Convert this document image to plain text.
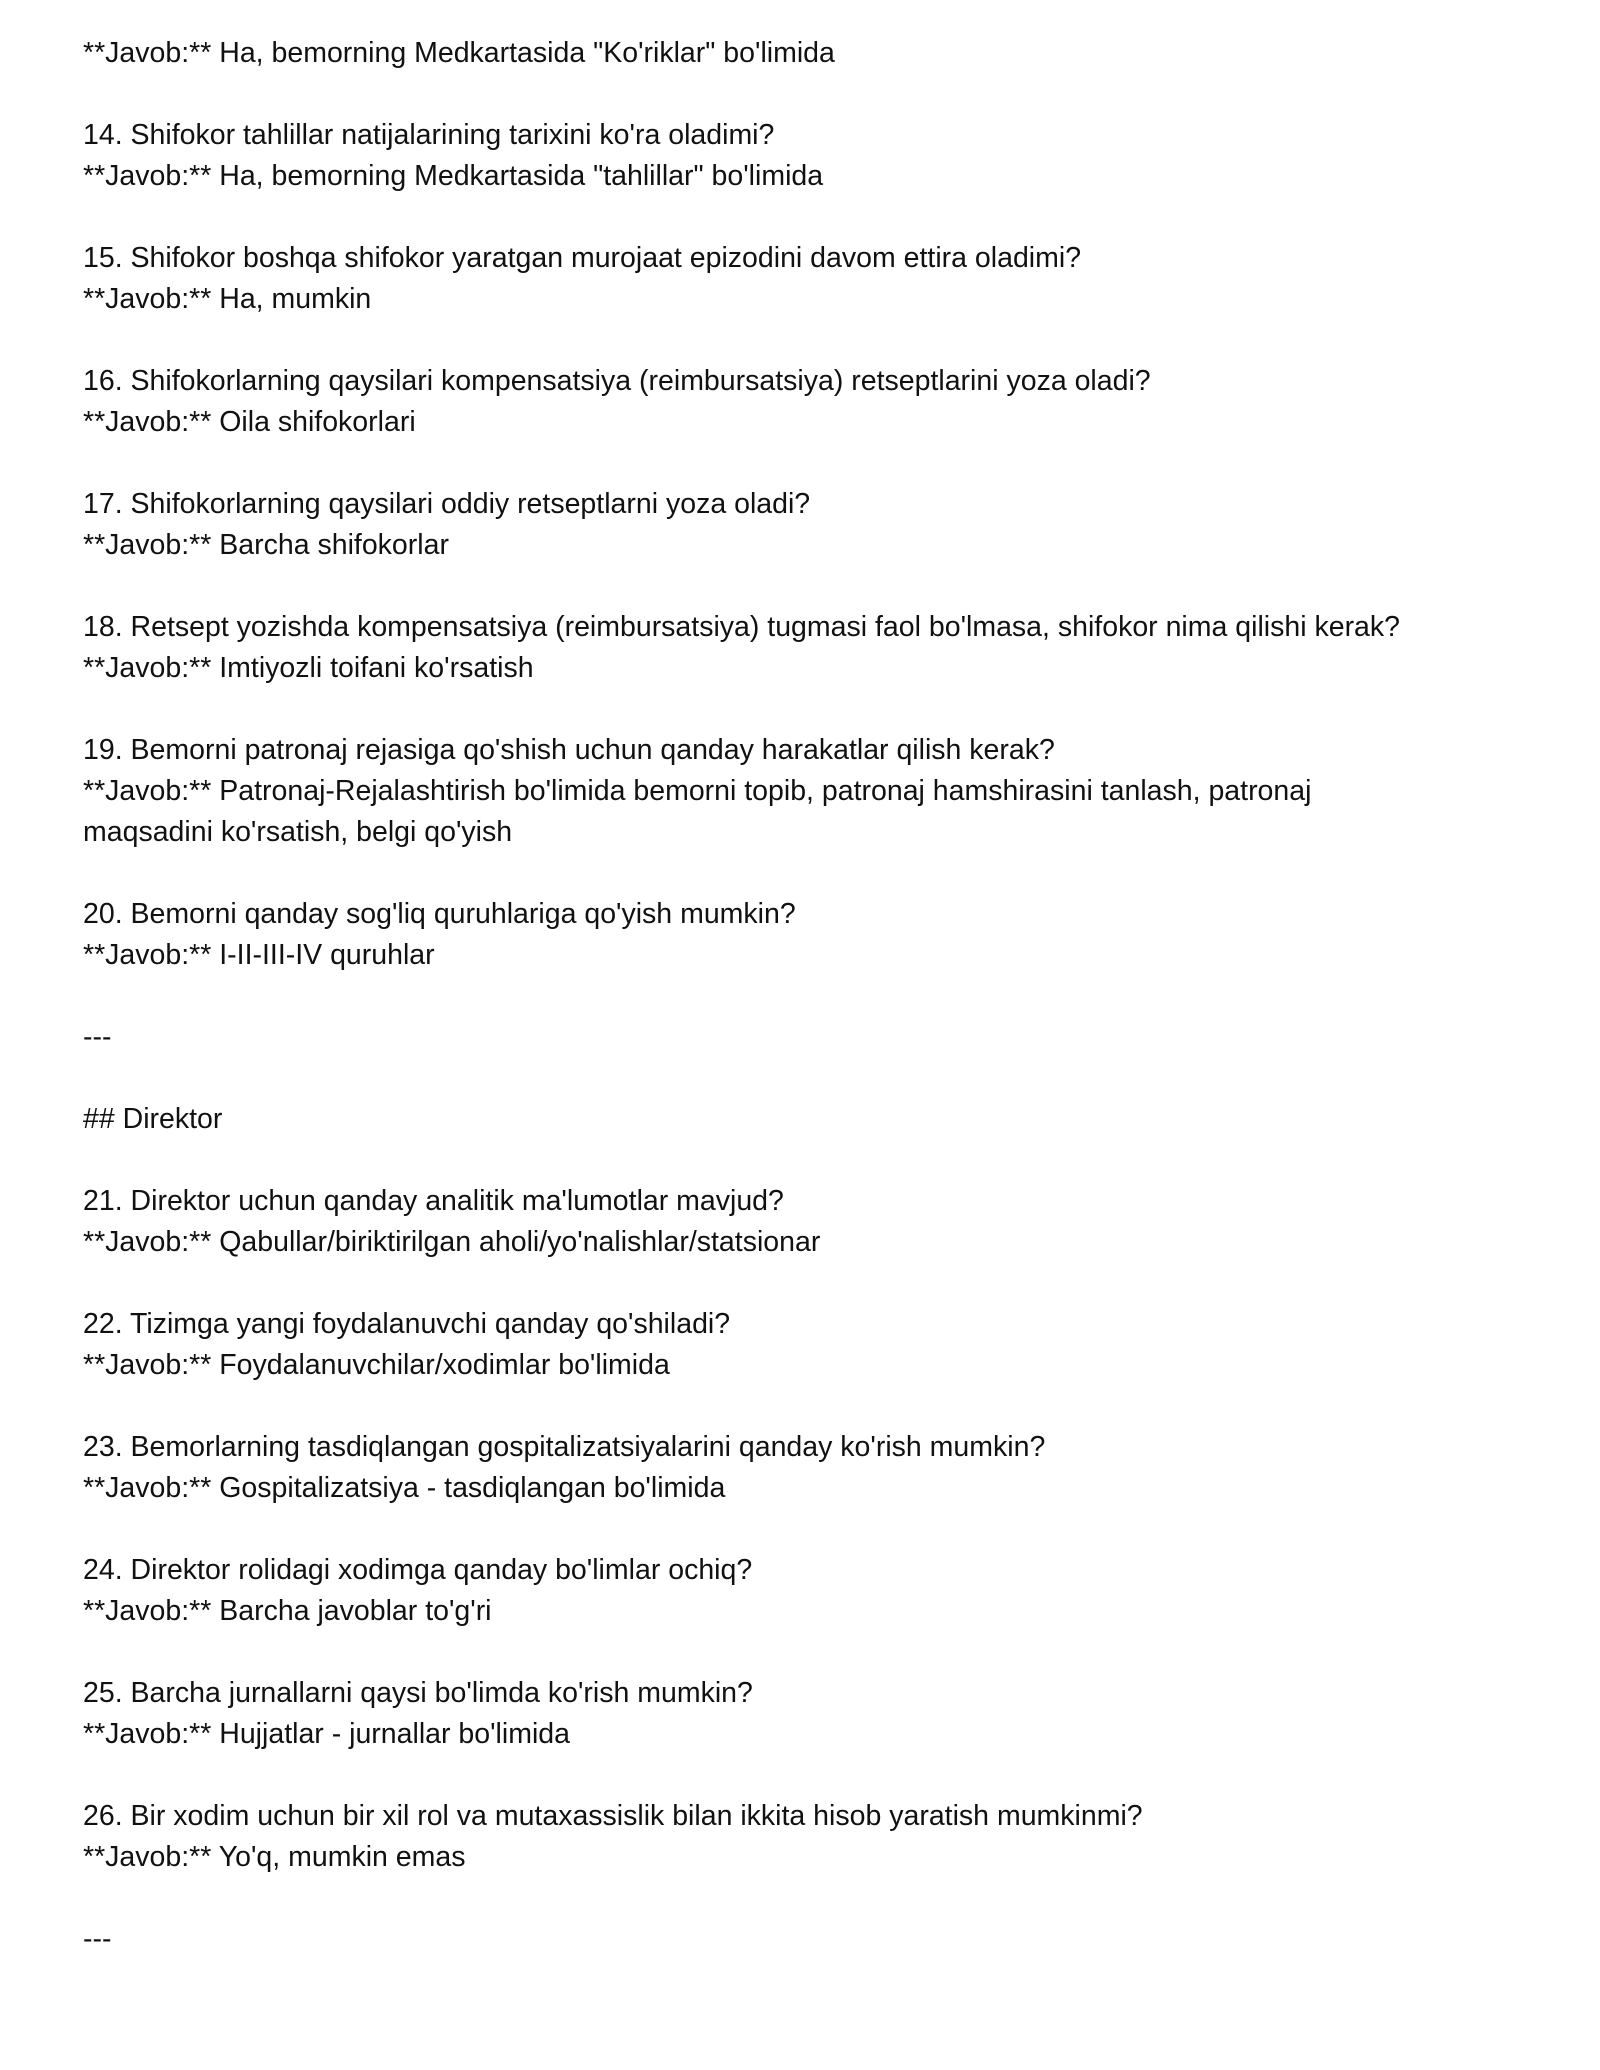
**Javob:** Ha, bemorning Medkartasida "Ko'riklar" bo'limida
14. Shifokor tahlillar natijalarining tarixini ko'ra oladimi?
**Javob:** Ha, bemorning Medkartasida "tahlillar" bo'limida
15. Shifokor boshqa shifokor yaratgan murojaat epizodini davom ettira oladimi?
**Javob:** Ha, mumkin
16. Shifokorlarning qaysilari kompensatsiya (reimbursatsiya) retseptlarini yoza oladi?
**Javob:** Oila shifokorlari
17. Shifokorlarning qaysilari oddiy retseptlarni yoza oladi?
**Javob:** Barcha shifokorlar
18. Retsept yozishda kompensatsiya (reimbursatsiya) tugmasi faol bo'lmasa, shifokor nima qilishi kerak?
**Javob:** Imtiyozli toifani ko'rsatish
19. Bemorni patronaj rejasiga qo'shish uchun qanday harakatlar qilish kerak?
**Javob:** Patronaj-Rejalashtirish bo'limida bemorni topib, patronaj hamshirasini tanlash, patronaj
maqsadini ko'rsatish, belgi qo'yish
20. Bemorni qanday sog'liq quruhlariga qo'yish mumkin?
**Javob:** I-II-III-IV quruhlar
---
## Direktor
21. Direktor uchun qanday analitik ma'lumotlar mavjud?
**Javob:** Qabullar/biriktirilgan aholi/yo'nalishlar/statsionar
22. Tizimga yangi foydalanuvchi qanday qo'shiladi?
**Javob:** Foydalanuvchilar/xodimlar bo'limida
23. Bemorlarning tasdiqlangan gospitalizatsiyalarini qanday ko'rish mumkin?
**Javob:** Gospitalizatsiya - tasdiqlangan bo'limida
24. Direktor rolidagi xodimga qanday bo'limlar ochiq?
**Javob:** Barcha javoblar to'g'ri
25. Barcha jurnallarni qaysi bo'limda ko'rish mumkin?
**Javob:** Hujjatlar - jurnallar bo'limida
26. Bir xodim uchun bir xil rol va mutaxassislik bilan ikkita hisob yaratish mumkinmi?
**Javob:** Yo'q, mumkin emas
---
